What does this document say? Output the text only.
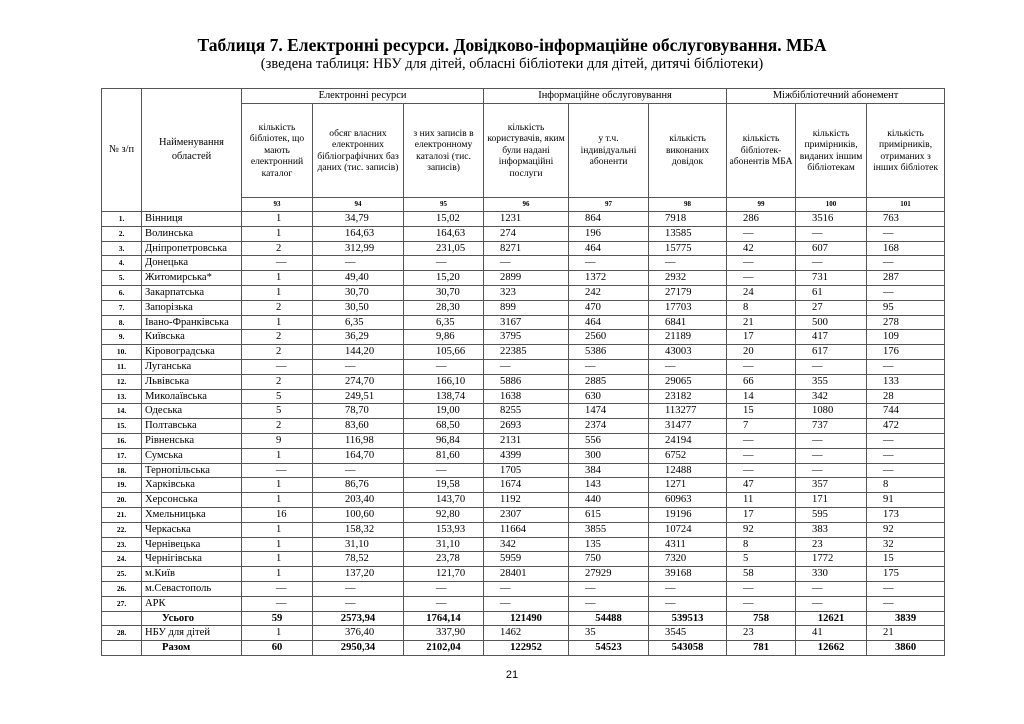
Таблиця 7. Електронні ресурси. Довідково-інформаційне обслуговування. МБА
(зведена таблиця: НБУ для дітей, обласні бібліотеки для дітей, дитячі бібліотеки)
№ з/п	Найменування областей	Електронні ресурси			Інформаційне обслуговування			Міжбібліотечний абонемент		
		кількість бібліотек, що мають електронний каталог	обсяг власних електронних бібліографічних баз даних (тис. записів)	з них записів в електронному каталозі (тис. записів)	кількість користувачів, яким були надані інформаційні послуги	у т.ч. індивідуальні абоненти	кількість виконаних довідок	кількість бібліотек-абонентів МБА	кількість примірників, виданих іншим бібліотекам	кількість примірників, отриманих з інших бібліотек
		93	94	95	96	97	98	99	100	101
1.	Вінниця	1	34,79	15,02	1231	864	7918	286	3516	763
2.	Волинська	1	164,63	164,63	274	196	13585	—	—	—
3.	Дніпропетровська	2	312,99	231,05	8271	464	15775	42	607	168
4.	Донецька	—	—	—	—	—	—	—	—	—
5.	Житомирська*	1	49,40	15,20	2899	1372	2932	—	731	287
6.	Закарпатська	1	30,70	30,70	323	242	27179	24	61	—
7.	Запорізька	2	30,50	28,30	899	470	17703	8	27	95
8.	Івано-Франківська	1	6,35	6,35	3167	464	6841	21	500	278
9.	Київська	2	36,29	9,86	3795	2560	21189	17	417	109
10.	Кіровоградська	2	144,20	105,66	22385	5386	43003	20	617	176
11.	Луганська	—	—	—	—	—	—	—	—	—
12.	Львівська	2	274,70	166,10	5886	2885	29065	66	355	133
13.	Миколаївська	5	249,51	138,74	1638	630	23182	14	342	28
14.	Одеська	5	78,70	19,00	8255	1474	113277	15	1080	744
15.	Полтавська	2	83,60	68,50	2693	2374	31477	7	737	472
16.	Рівненська	9	116,98	96,84	2131	556	24194	—	—	—
17.	Сумська	1	164,70	81,60	4399	300	6752	—	—	—
18.	Тернопільська	—	—	—	1705	384	12488	—	—	—
19.	Харківська	1	86,76	19,58	1674	143	1271	47	357	8
20.	Херсонська	1	203,40	143,70	1192	440	60963	11	171	91
21.	Хмельницька	16	100,60	92,80	2307	615	19196	17	595	173
22.	Черкаська	1	158,32	153,93	11664	3855	10724	92	383	92
23.	Чернівецька	1	31,10	31,10	342	135	4311	8	23	32
24.	Чернігівська	1	78,52	23,78	5959	750	7320	5	1772	15
25.	м.Київ	1	137,20	121,70	28401	27929	39168	58	330	175
26.	м.Севастополь	—	—	—	—	—	—	—	—	—
27.	АРК	—	—	—	—	—	—	—	—	—
	Усього	59	2573,94	1764,14	121490	54488	539513	758	12621	3839
28.	НБУ для дітей	1	376,40	337,90	1462	35	3545	23	41	21
	Разом	60	2950,34	2102,04	122952	54523	543058	781	12662	3860
21
